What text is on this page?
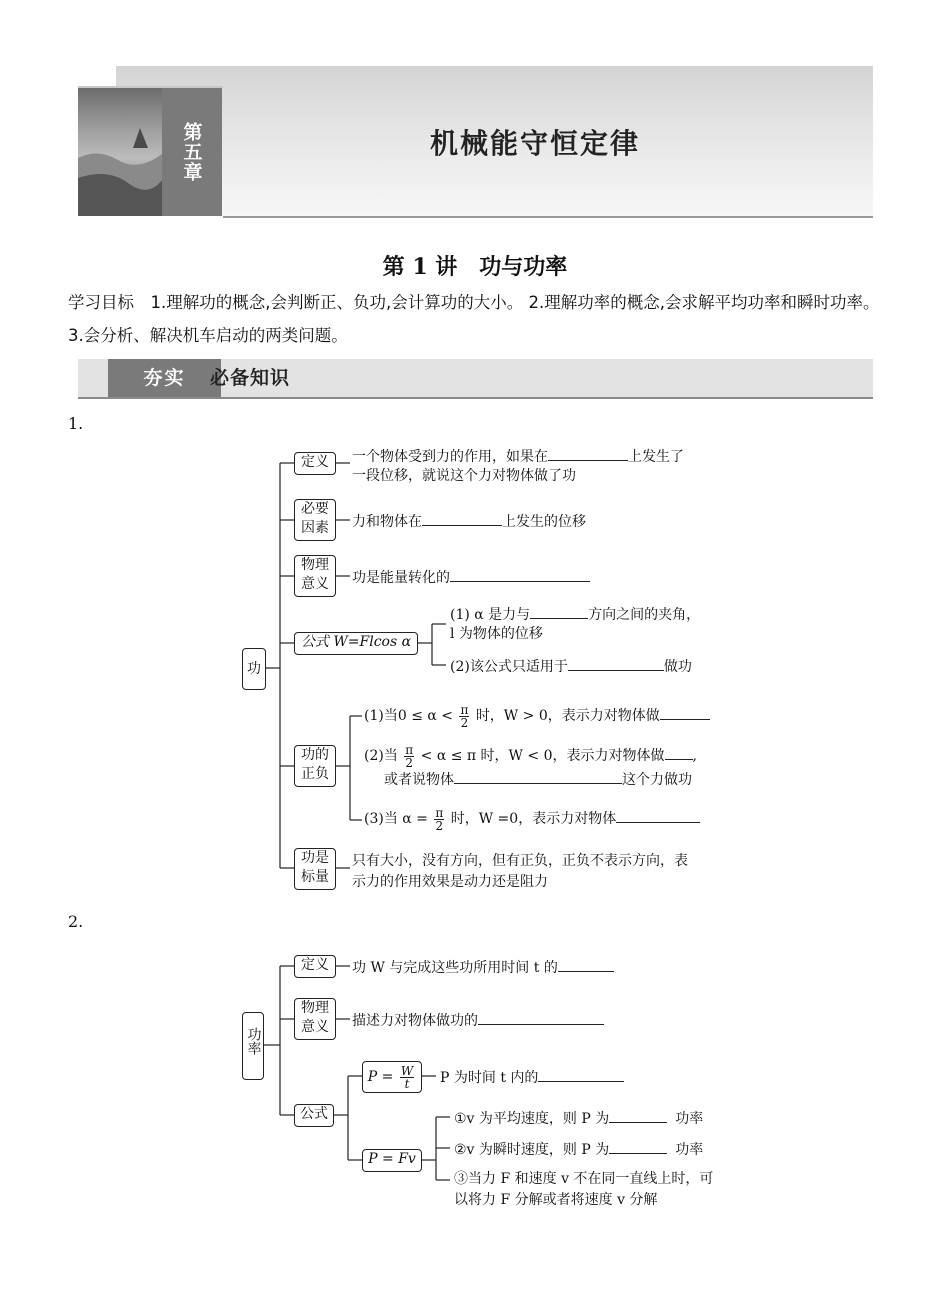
第五章	机械能守恒定律
第 1 讲　功与功率
学习目标　1.理解功的概念,会判断正、负功,会计算功的大小。 2.理解功率的概念,会求解平均功率和瞬时功率。 3.会分析、解决机车启动的两类问题。
夯实	必备知识
1.
功
定义	一个物体受到力的作用，如果在	上发生了
一段位移，就说这个力对物体做了功
必要
因素	力和物体在	上发生的位移
物理
意义	功是能量转化的
公式 W=Flcos α
(1) α 是力与	方向之间的夹角，
l 为物体的位移
(2)该公式只适用于	做功
功的
正负
(1)当$0 \le \alpha < \frac{\pi}{2}$ 时，W > 0，表示力对物体做
(2)当 $\frac{\pi}{2} < \alpha \le \pi$ 时，W < 0，表示力对物体做 ,
或者说物体	这个力做功
(3)当 $\alpha = \frac{\pi}{2}$ 时，W =0，表示力对物体
功是
标量
只有大小，没有方向，但有正负，正负不表示方向，表
示力的作用效果是动力还是阻力
2.
功率
定义	功 W 与完成这些功所用时间 t 的
物理
意义	描述力对物体做功的
公式
$P = \frac{W}{t}$ P 为时间 t 内的
P = Fv
①v 为平均速度，则 P 为	功率
②v 为瞬时速度，则 P 为	功率
③当力 F 和速度 v 不在同一直线上时，可
以将力 F 分解或者将速度 v 分解
